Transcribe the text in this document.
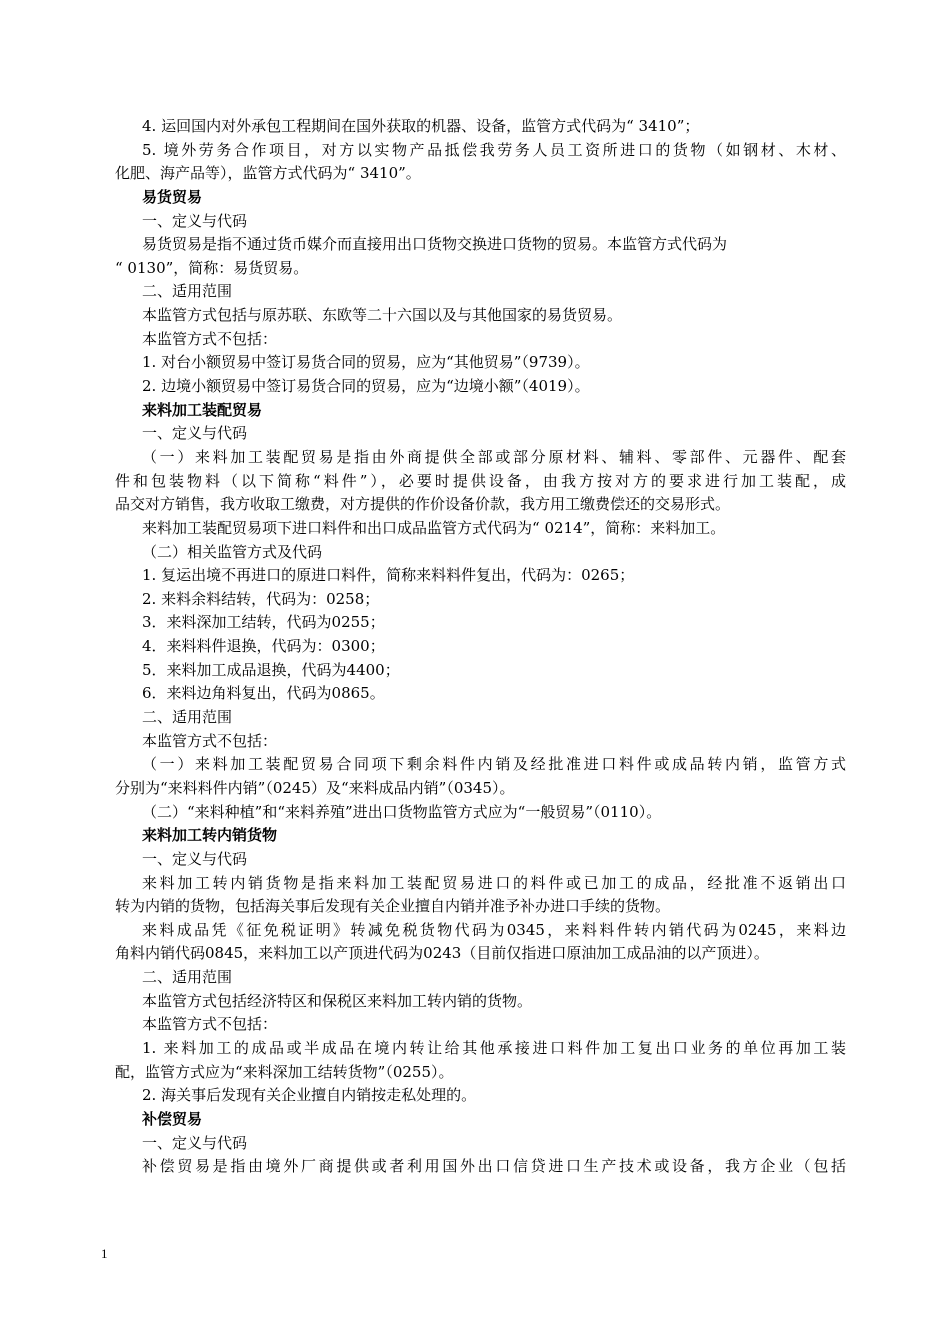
4. 运回国内对外承包工程期间在国外获取的机器、设备，监管方式代码为“ 3410”；
5. 境外劳务合作项目，对方以实物产品抵偿我劳务人员工资所进口的货物（如钢材、木材、
化肥、海产品等），监管方式代码为“ 3410”。
易货贸易
一、定义与代码
易货贸易是指不通过货币媒介而直接用出口货物交换进口货物的贸易。本监管方式代码为
“ 0130”，简称：易货贸易。
二、适用范围
本监管方式包括与原苏联、东欧等二十六国以及与其他国家的易货贸易。
本监管方式不包括：
1. 对台小额贸易中签订易货合同的贸易，应为“其他贸易”（9739）。
2. 边境小额贸易中签订易货合同的贸易，应为“边境小额”（4019）。
来料加工装配贸易
一、定义与代码
（一）来料加工装配贸易是指由外商提供全部或部分原材料、辅料、零部件、元器件、配套
件和包装物料（以下简称“料件”），必要时提供设备，由我方按对方的要求进行加工装配，成
品交对方销售，我方收取工缴费，对方提供的作价设备价款，我方用工缴费偿还的交易形式。
来料加工装配贸易项下进口料件和出口成品监管方式代码为“ 0214”，简称：来料加工。
（二）相关监管方式及代码
1. 复运出境不再进口的原进口料件，简称来料料件复出，代码为：0265；
2. 来料余料结转，代码为：0258；
3．来料深加工结转，代码为0255；
4．来料料件退换，代码为：0300；
5．来料加工成品退换，代码为4400；
6．来料边角料复出，代码为0865。
二、适用范围
本监管方式不包括：
（一）来料加工装配贸易合同项下剩余料件内销及经批准进口料件或成品转内销，监管方式
分别为“来料料件内销”（0245）及“来料成品内销”（0345）。
（二）“来料种植”和“来料养殖”进出口货物监管方式应为“一般贸易”（0110）。
来料加工转内销货物
一、定义与代码
来料加工转内销货物是指来料加工装配贸易进口的料件或已加工的成品，经批准不返销出口
转为内销的货物，包括海关事后发现有关企业擅自内销并准予补办进口手续的货物。
来料成品凭《征免税证明》转减免税货物代码为0345，来料料件转内销代码为0245，来料边
角料内销代码0845，来料加工以产顶进代码为0243（目前仅指进口原油加工成品油的以产顶进）。
二、适用范围
本监管方式包括经济特区和保税区来料加工转内销的货物。
本监管方式不包括：
1. 来料加工的成品或半成品在境内转让给其他承接进口料件加工复出口业务的单位再加工装
配，监管方式应为“来料深加工结转货物”（0255）。
2. 海关事后发现有关企业擅自内销按走私处理的。
补偿贸易
一、定义与代码
补偿贸易是指由境外厂商提供或者利用国外出口信贷进口生产技术或设备，我方企业（包括
1
